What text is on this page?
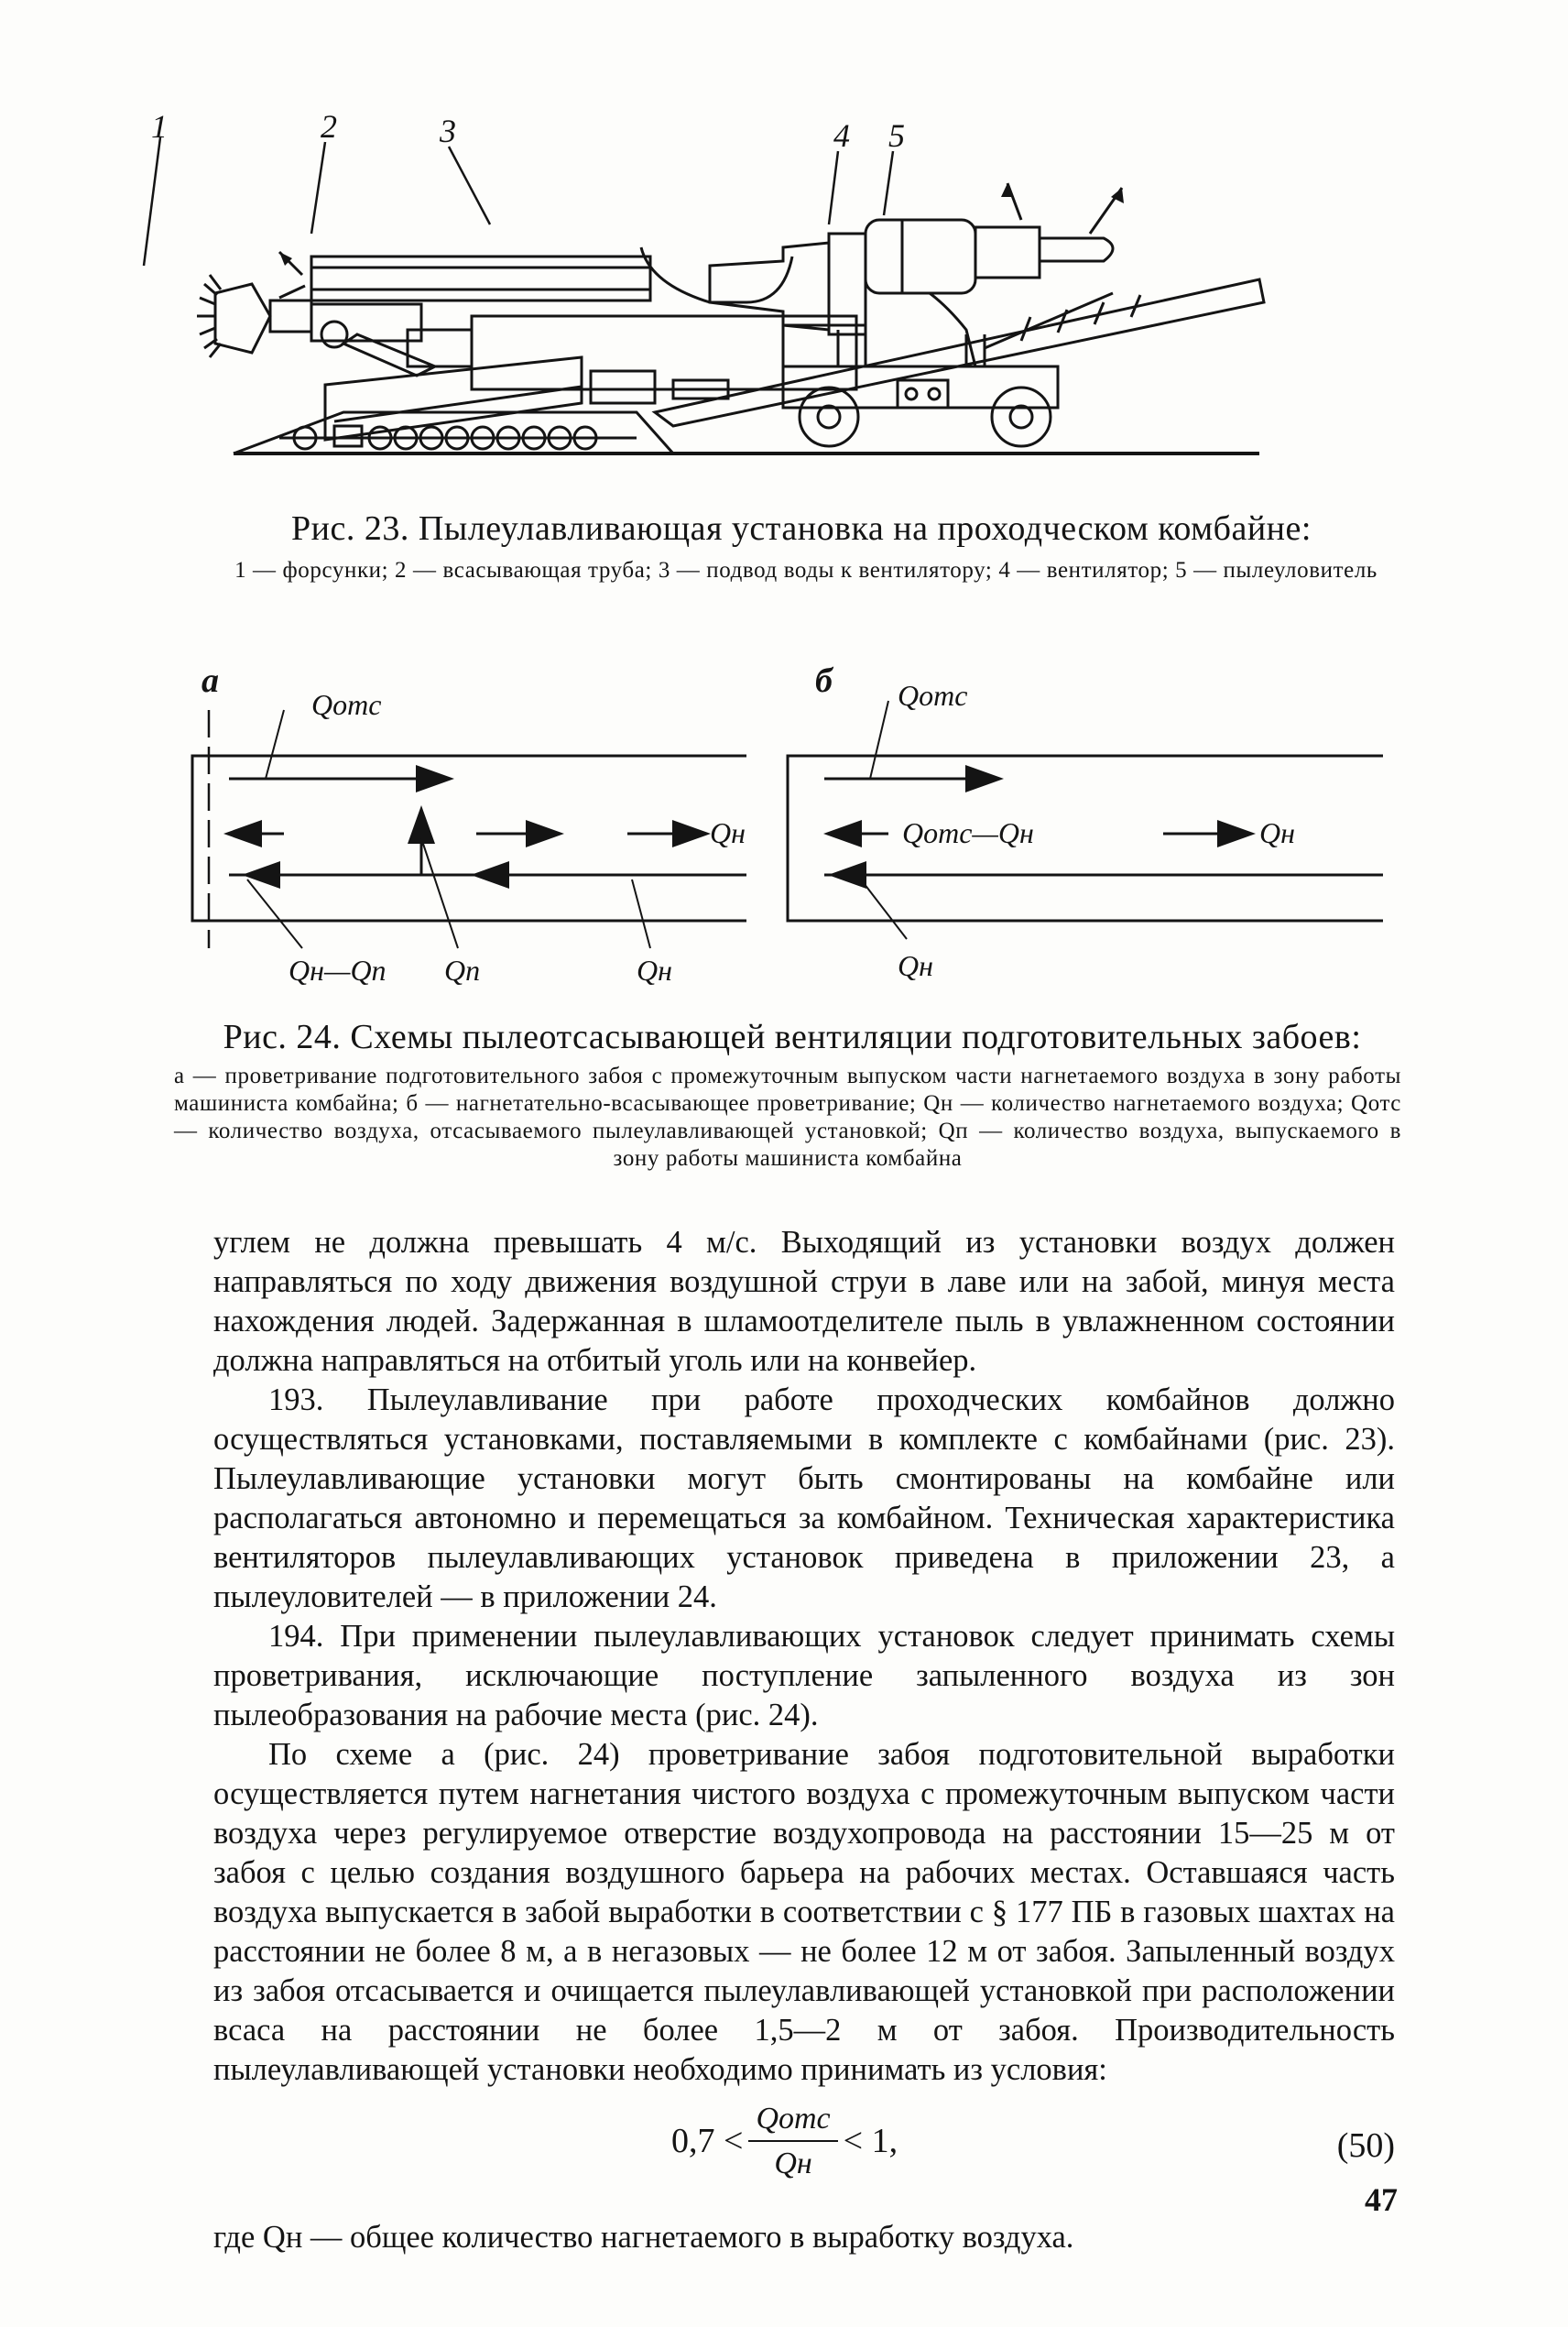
1	2	3	4 5
Рис. 23. Пылеулавливающая установка на проходческом комбайне:
1 — форсунки; 2 — всасывающая труба; 3 — подвод воды к вентилятору; 4 — вентилятор; 5 — пылеуловитель
а	б
Qотс
Qн
Qн—Qп Qп	Qн
Qотс
Qотс—Qн	Qн
Qн
Рис. 24. Схемы пылеотсасывающей вентиляции подготовительных забоев:
а — проветривание подготовительного забоя с промежуточным выпуском части нагнетаемого воздуха в зону работы машиниста комбайна; б — нагнетательно-всасывающее проветривание; Qн — количество нагнетаемого воздуха; Qотс — количество воздуха, отсасываемого пылеулавливающей установкой; Qп — количество воздуха, выпускаемого в зону работы машиниста комбайна

углем не должна превышать 4 м/с. Выходящий из установки воздух должен направляться по ходу движения воздушной струи в лаве или на забой, минуя места нахождения людей. Задержанная в шламоотделителе пыль в увлажненном состоянии должна направляться на отбитый уголь или на конвейер.

193. Пылеулавливание при работе проходческих комбайнов должно осуществляться установками, поставляемыми в комплекте с комбайнами (рис. 23). Пылеулавливающие установки могут быть смонтированы на комбайне или располагаться автономно и перемещаться за комбайном. Техническая характеристика вентиляторов пылеулавливающих установок приведена в приложении 23, а пылеуловителей — в приложении 24.

194. При применении пылеулавливающих установок следует принимать схемы проветривания, исключающие поступление запыленного воздуха из зон пылеобразования на рабочие места (рис. 24).

По схеме а (рис. 24) проветривание забоя подготовительной выработки осуществляется путем нагнетания чистого воздуха с промежуточным выпуском части воздуха через регулируемое отверстие воздухопровода на расстоянии 15—25 м от забоя с целью создания воздушного барьера на рабочих местах. Оставшаяся часть воздуха выпускается в забой выработки в соответствии с § 177 ПБ в газовых шахтах на расстоянии не более 8 м, а в негазовых — не более 12 м от забоя. Запыленный воздух из забоя отсасывается и очищается пылеулавливающей установкой при расположении всаса на расстоянии не более 1,5—2 м от забоя. Производительность пылеулавливающей установки необходимо принимать из условия:

$0,7 < \frac{\text{Qотс}}{Qн} < 1$,	(50)

где Qн — общее количество нагнетаемого в выработку воздуха.

47
